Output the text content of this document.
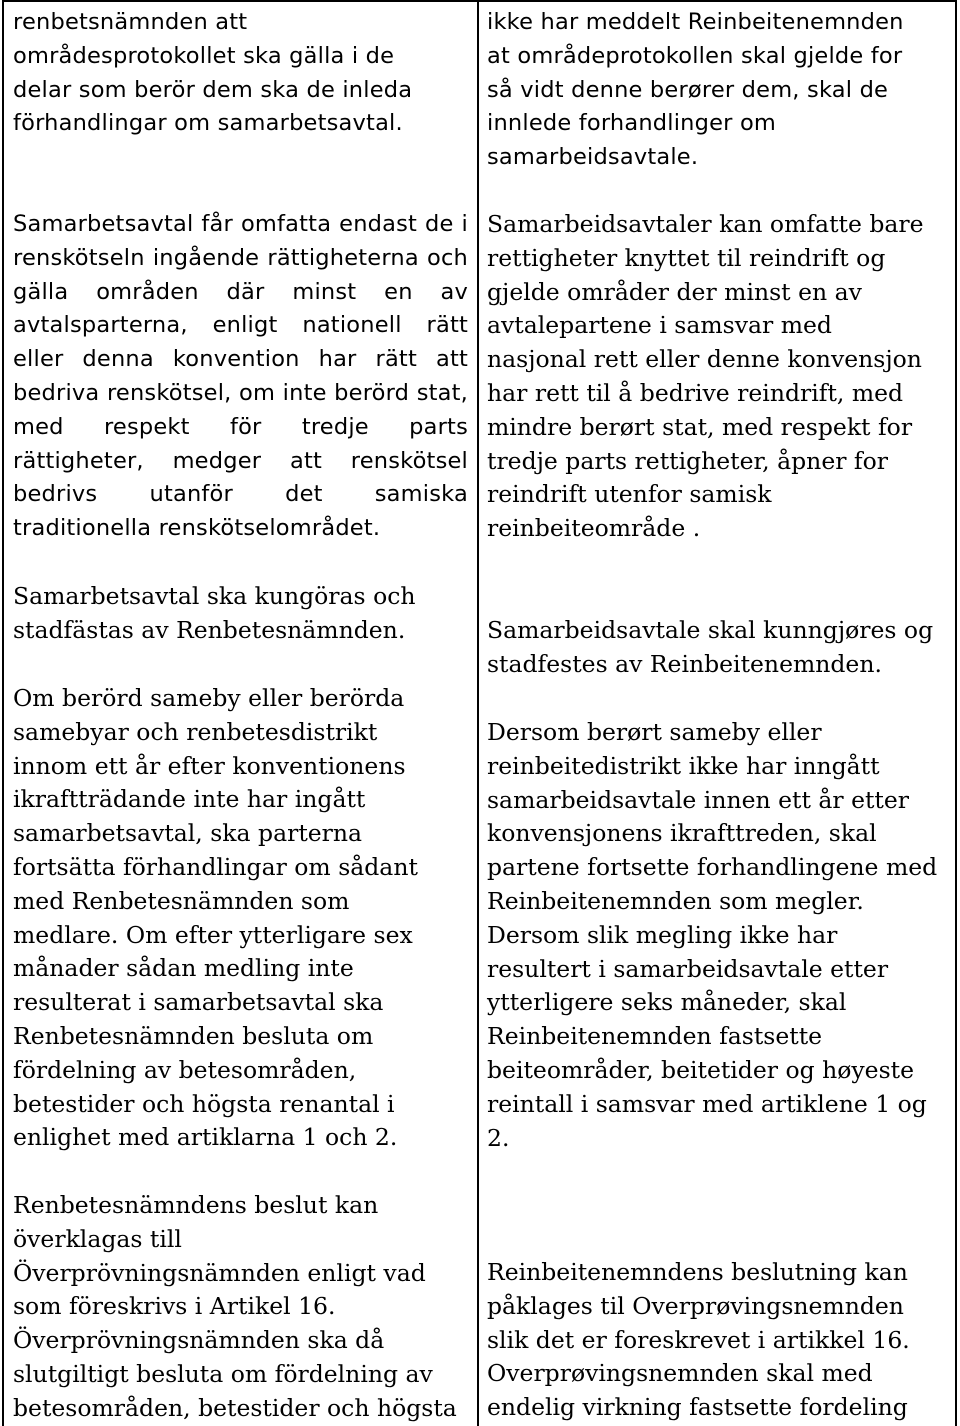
renbetsnämnden att
områdesprotokollet ska gälla i de
delar som berör dem ska de inleda
förhandlingar om samarbetsavtal.

Samarbetsavtal får omfatta endast de i renskötseln ingående rättigheterna och gälla områden där minst en av avtalsparterna, enligt nationell rätt eller denna konvention har rätt att bedriva renskötsel, om inte berörd stat, med respekt för tredje parts rättigheter, medger att renskötsel bedrivs utanför det samiska traditionella renskötselområdet.

Samarbetsavtal ska kungöras och
stadfästas av Renbetesnämnden.

Om berörd sameby eller berörda
samebyar och renbetesdistrikt
innom ett år efter konventionens
ikraftträdande inte har ingått
samarbetsavtal, ska parterna
fortsätta förhandlingar om sådant
med Renbetesnämnden som
medlare. Om efter ytterligare sex
månader sådan medling inte
resulterat i samarbetsavtal ska
Renbetesnämnden besluta om
fördelning av betesområden,
betestider och högsta renantal i
enlighet med artiklarna 1 och 2.

Renbetesnämndens beslut kan
överklagas till
Överprövningsnämnden enligt vad
som föreskrivs i Artikel 16.
Överprövningsnämnden ska då
slutgiltigt besluta om fördelning av
betesområden, betestider och högsta

ikke har meddelt Reinbeitenemnden
at områdeprotokollen skal gjelde for
så vidt denne berører dem, skal de
innlede forhandlinger om
samarbeidsavtale.

Samarbeidsavtaler kan omfatte bare
rettigheter knyttet til reindrift og
gjelde områder der minst en av
avtalepartene i samsvar med
nasjonal rett eller denne konvensjon
har rett til å bedrive reindrift, med
mindre berørt stat, med respekt for
tredje parts rettigheter, åpner for
reindrift utenfor samisk
reinbeiteområde .

Samarbeidsavtale skal kunngjøres og
stadfestes av Reinbeitenemnden.

Dersom berørt sameby eller
reinbeitedistrikt ikke har inngått
samarbeidsavtale innen ett år etter
konvensjonens ikrafttreden, skal
partene fortsette forhandlingene med
Reinbeitenemnden som megler.
Dersom slik megling ikke har
resultert i samarbeidsavtale etter
ytterligere seks måneder, skal
Reinbeitenemnden fastsette
beiteområder, beitetider og høyeste
reintall i samsvar med artiklene 1 og
2.

Reinbeitenemndens beslutning kan
påklages til Overprøvingsnemnden
slik det er foreskrevet i artikkel 16.
Overprøvingsnemnden skal med
endelig virkning fastsette fordeling
